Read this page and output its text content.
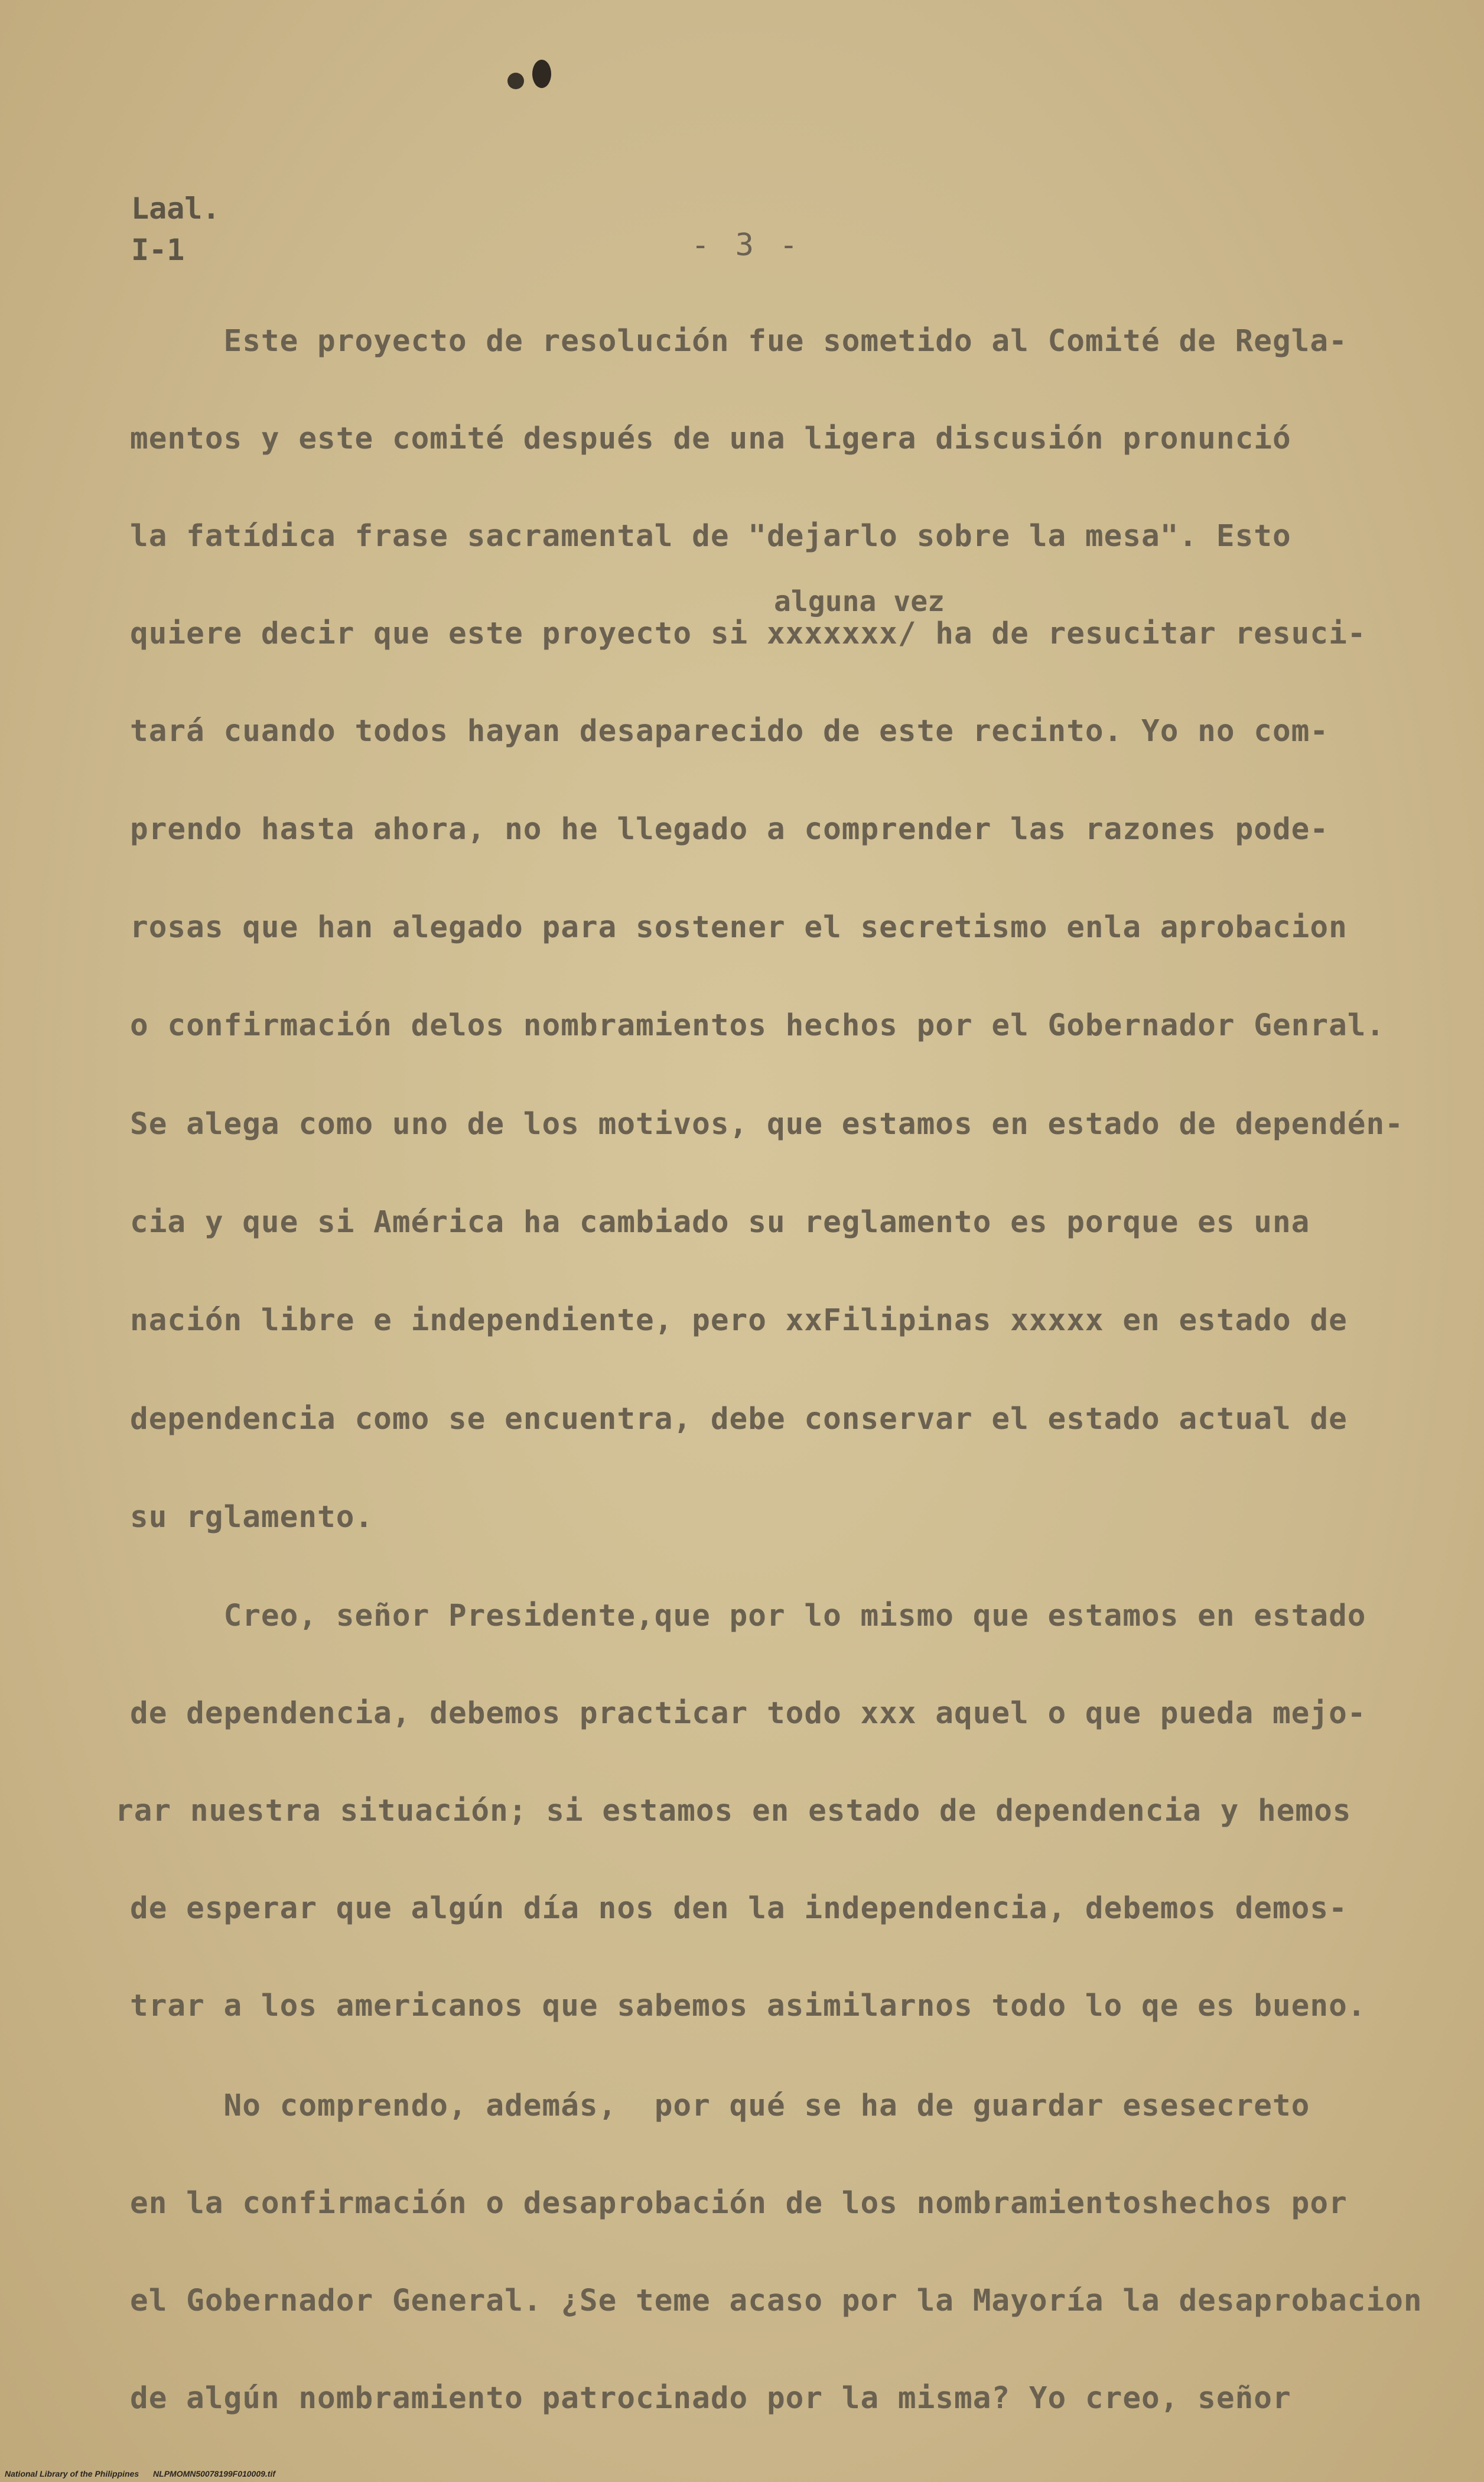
Laal.
I-1	- 3 -
alguna vez
Este proyecto de resolución fue sometido al Comité de Regla-
mentos y este comité después de una ligera discusión pronunció
la fatídica frase sacramental de "dejarlo sobre la mesa". Esto
quiere decir que este proyecto si xxxxxxx/ ha de resucitar resuci-
tará cuando todos hayan desaparecido de este recinto. Yo no com-
prendo hasta ahora, no he llegado a comprender las razones pode-
rosas que han alegado para sostener el secretismo enla aprobacion
o confirmación delos nombramientos hechos por el Gobernador Genral.
Se alega como uno de los motivos, que estamos en estado de dependén-
cia y que si América ha cambiado su reglamento es porque es una
nación libre e independiente, pero xxFilipinas xxxxx en estado de
dependencia como se encuentra, debe conservar el estado actual de
su rglamento.
Creo, señor Presidente,que por lo mismo que estamos en estado
de dependencia, debemos practicar todo xxx aquel o que pueda mejo-
rar nuestra situación; si estamos en estado de dependencia y hemos
de esperar que algún día nos den la independencia, debemos demos-
trar a los americanos que sabemos asimilarnos todo lo qe es bueno.
No comprendo, además,  por qué se ha de guardar esesecreto
en la confirmación o desaprobación de los nombramientoshechos por
el Gobernador General. ¿Se teme acaso por la Mayoría la desaprobacion
de algún nombramiento patrocinado por la misma? Yo creo, señor
National Library of the Philippines NLPMOMN50078199F010009.tif
